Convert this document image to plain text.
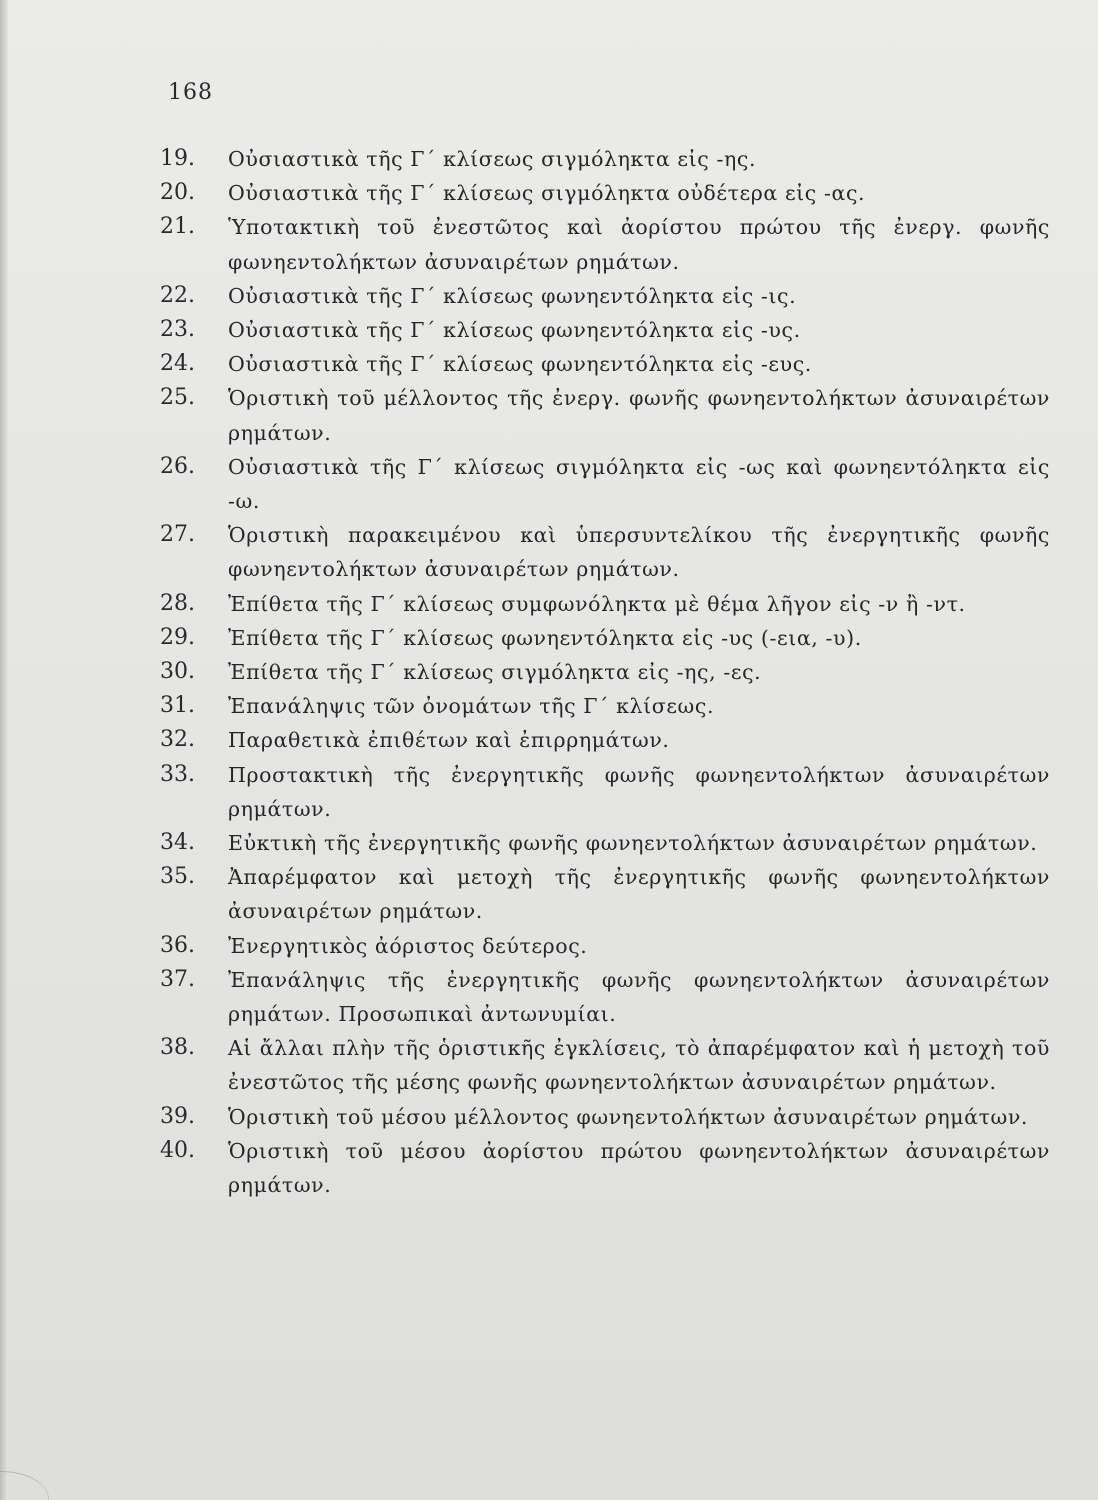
168
19.	Οὐσιαστικὰ τῆς Γ΄ κλίσεως σιγμόληκτα εἰς -ης.
20.	Οὐσιαστικὰ τῆς Γ΄ κλίσεως σιγμόληκτα οὐδέτερα εἰς -ας.
21.	Ὑποτακτικὴ τοῦ ἐνεστῶτος καὶ ἀορίστου πρώτου τῆς ἐνεργ. φωνῆς φωνηεντολήκτων ἀσυναιρέτων ρημάτων.
22.	Οὐσιαστικὰ τῆς Γ΄ κλίσεως φωνηεντόληκτα εἰς -ις.
23.	Οὐσιαστικὰ τῆς Γ΄ κλίσεως φωνηεντόληκτα εἰς -υς.
24.	Οὐσιαστικὰ τῆς Γ΄ κλίσεως φωνηεντόληκτα εἰς -ευς.
25.	Ὁριστικὴ τοῦ μέλλοντος τῆς ἐνεργ. φωνῆς φωνηεντολήκτων ἀσυναιρέτων ρημάτων.
26.	Οὐσιαστικὰ τῆς Γ΄ κλίσεως σιγμόληκτα εἰς -ως καὶ φωνηεντόληκτα εἰς -ω.
27.	Ὁριστικὴ παρακειμένου καὶ ὑπερσυντελίκου τῆς ἐνεργητικῆς φωνῆς φωνηεντολήκτων ἀσυναιρέτων ρημάτων.
28.	Ἐπίθετα τῆς Γ΄ κλίσεως συμφωνόληκτα μὲ θέμα λῆγον εἰς -ν ἢ -ντ.
29.	Ἐπίθετα τῆς Γ΄ κλίσεως φωνηεντόληκτα εἰς -υς (-εια, -υ).
30.	Ἐπίθετα τῆς Γ΄ κλίσεως σιγμόληκτα εἰς -ης, -ες.
31.	Ἐπανάληψις τῶν ὀνομάτων τῆς Γ΄ κλίσεως.
32.	Παραθετικὰ ἐπιθέτων καὶ ἐπιρρημάτων.
33.	Προστακτικὴ τῆς ἐνεργητικῆς φωνῆς φωνηεντολήκτων ἀσυναιρέτων ρημάτων.
34.	Εὐκτικὴ τῆς ἐνεργητικῆς φωνῆς φωνηεντολήκτων ἀσυναιρέτων ρημάτων.
35.	Ἀπαρέμφατον καὶ μετοχὴ τῆς ἐνεργητικῆς φωνῆς φωνηεντολήκτων ἀσυναιρέτων ρημάτων.
36.	Ἐνεργητικὸς ἀόριστος δεύτερος.
37.	Ἐπανάληψις τῆς ἐνεργητικῆς φωνῆς φωνηεντολήκτων ἀσυναιρέτων ρημάτων. Προσωπικαὶ ἀντωνυμίαι.
38.	Αἱ ἄλλαι πλὴν τῆς ὁριστικῆς ἐγκλίσεις, τὸ ἀπαρέμφατον καὶ ἡ μετοχὴ τοῦ ἐνεστῶτος τῆς μέσης φωνῆς φωνηεντολήκτων ἀσυναιρέτων ρημάτων.
39.	Ὁριστικὴ τοῦ μέσου μέλλοντος φωνηεντολήκτων ἀσυναιρέτων ρημάτων.
40.	Ὁριστικὴ τοῦ μέσου ἀορίστου πρώτου φωνηεντολήκτων ἀσυναιρέτων ρημάτων.
